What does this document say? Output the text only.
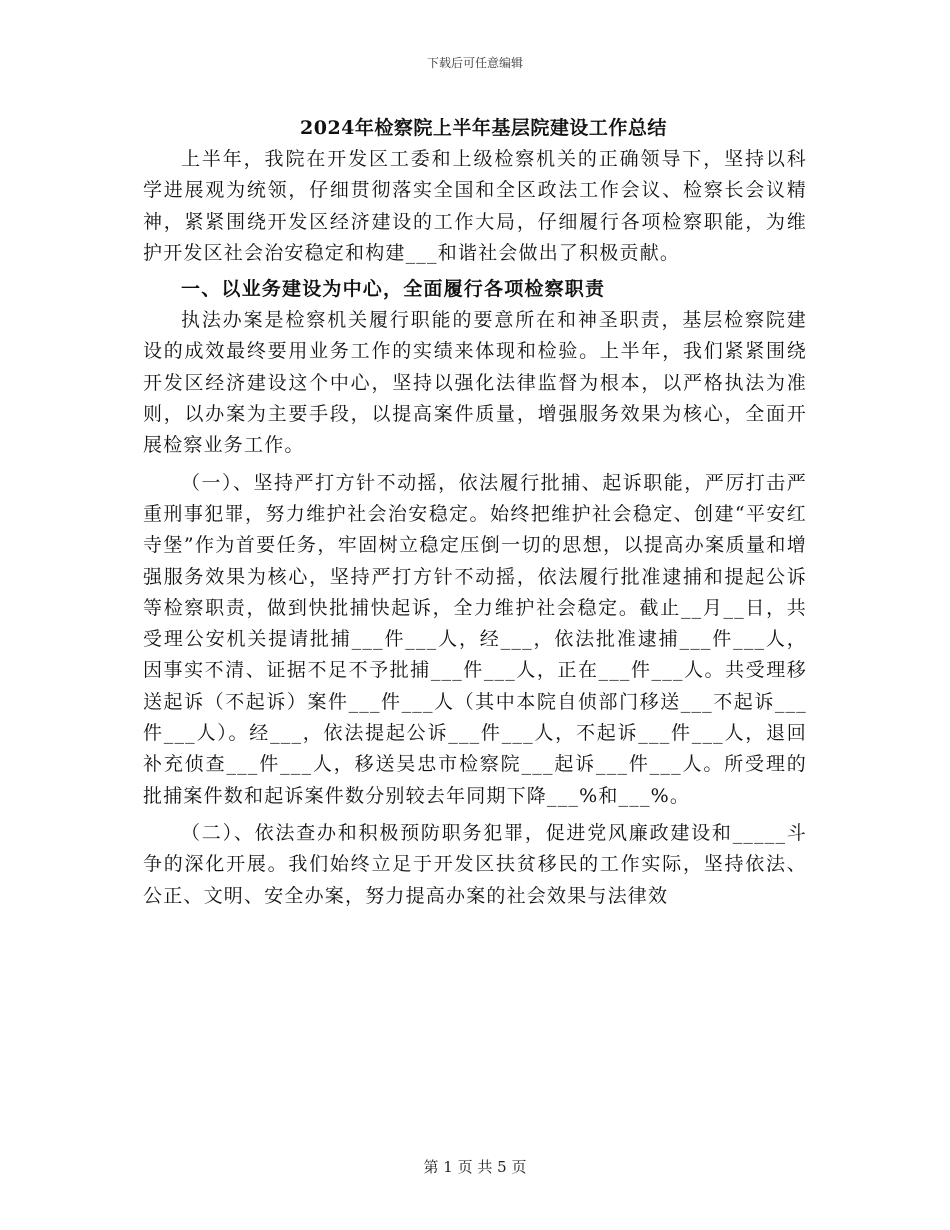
下载后可任意编辑
2024年检察院上半年基层院建设工作总结

上半年，我院在开发区工委和上级检察机关的正确领导下，坚持以科学进展观为统领，仔细贯彻落实全国和全区政法工作会议、检察长会议精神，紧紧围绕开发区经济建设的工作大局，仔细履行各项检察职能，为维护开发区社会治安稳定和构建___和谐社会做出了积极贡献。

一、以业务建设为中心，全面履行各项检察职责

执法办案是检察机关履行职能的要意所在和神圣职责，基层检察院建设的成效最终要用业务工作的实绩来体现和检验。上半年，我们紧紧围绕开发区经济建设这个中心，坚持以强化法律监督为根本，以严格执法为准则，以办案为主要手段，以提高案件质量，增强服务效果为核心，全面开展检察业务工作。

（一）、坚持严打方针不动摇，依法履行批捕、起诉职能，严厉打击严重刑事犯罪，努力维护社会治安稳定。始终把维护社会稳定、创建“平安红寺堡”作为首要任务，牢固树立稳定压倒一切的思想，以提高办案质量和增强服务效果为核心，坚持严打方针不动摇，依法履行批准逮捕和提起公诉等检察职责，做到快批捕快起诉，全力维护社会稳定。截止__月__日，共受理公安机关提请批捕___件___人，经___，依法批准逮捕___件___人，因事实不清、证据不足不予批捕___件___人，正在___件___人。共受理移送起诉（不起诉）案件___件___人（其中本院自侦部门移送___不起诉___件___人）。经___，依法提起公诉___件___人，不起诉___件___人，退回补充侦查___件___人，移送吴忠市检察院___起诉___件___人。所受理的批捕案件数和起诉案件数分别较去年同期下降___%和___%。

（二）、依法查办和积极预防职务犯罪，促进党风廉政建设和_____斗争的深化开展。我们始终立足于开发区扶贫移民的工作实际，坚持依法、公正、文明、安全办案，努力提高办案的社会效果与法律效

第 1 页 共 5 页
